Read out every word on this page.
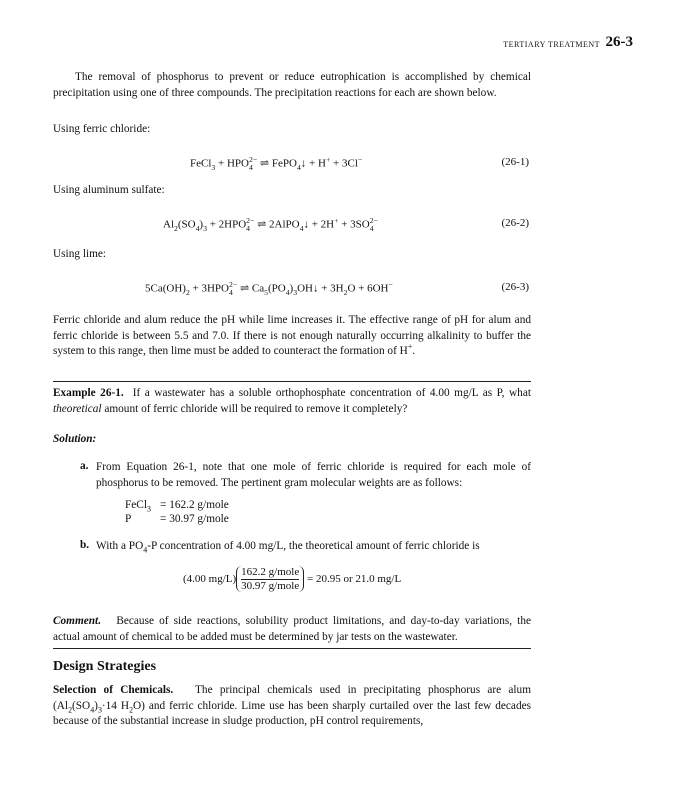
TERTIARY TREATMENT 26-3

The removal of phosphorus to prevent or reduce eutrophication is accomplished by chemical precipitation using one of three compounds. The precipitation reactions for each are shown below.

Using ferric chloride:
FeCl$_3$ + HPO 2−
4 ⇌ FePO$_4$↓ + H+ + 3Cl−	(26-1)
Using aluminum sulfate:
$Al_2(SO_4)_3 + 2HPO$ 2−
4 ⇌ 2AlPO$_4$↓ + 2H+ + 3SO 2−
4	(26-2)
Using lime:
$5Ca(OH)_2 + 3HPO$ 2−
4 ⇌ $Ca_5(PO_4)_3OH↓ + 3H_2O + 6OH^-$	(26-3)

Ferric chloride and alum reduce the pH while lime increases it. The effective range of pH for alum and ferric chloride is between 5.5 and 7.0. If there is not enough naturally occurring alkalinity to buffer the system to this range, then lime must be added to counteract the formation of H+.

Example 26-1. If a wastewater has a soluble orthophosphate concentration of 4.00 mg/L as P, what theoretical amount of ferric chloride will be required to remove it completely?

Solution:
a. From Equation 26-1, note that one mole of ferric chloride is required for each mole of phosphorus to be removed. The pertinent gram molecular weights are as follows:

FeCl$_3$ = 162.2 g/mole
P	= 30.97 g/mole
b. With a $PO_4-P$ concentration of 4.00 mg/L, the theoretical amount of ferric chloride is

(4.00 $mg/L) \frac{\text{162.2 g/mole}}{\text{30.97 g/mole}} = 20.95$ or 21.0 mg/L

Comment. Because of side reactions, solubility product limitations, and day-to-day variations, the actual amount of chemical to be added must be determined by jar tests on the wastewater.

Design Strategies

Selection of Chemicals. The principal chemicals used in precipitating phosphorus are alum ($Al_2(SO_4)_3\cdot 14$ $H_2O$) and ferric chloride. Lime use has been sharply curtailed over the last few decades because of the substantial increase in sludge production, pH control requirements,
